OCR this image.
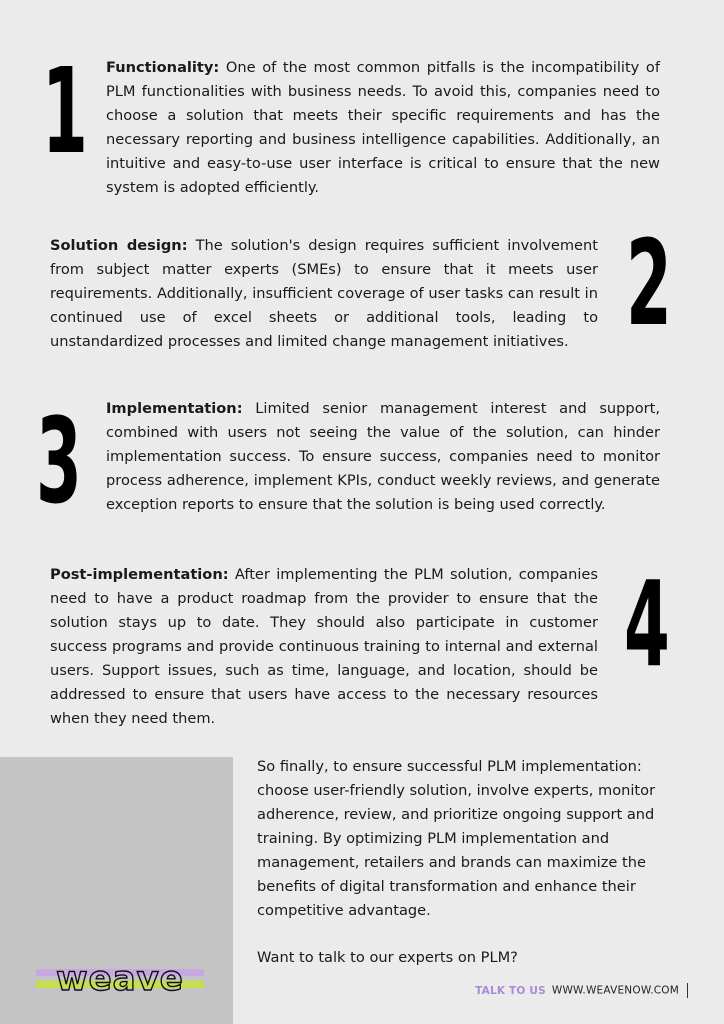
1 Functionality: One of the most common pitfalls is the incompatibility of PLM functionalities with business needs. To avoid this, companies need to choose a solution that meets their specific requirements and has the necessary reporting and business intelligence capabilities. Additionally, an intuitive and easy-to-use user interface is critical to ensure that the new system is adopted efficiently.

Solution design: The solution's design requires sufficient involvement from subject matter experts (SMEs) to ensure that it meets user requirements. Additionally, insufficient coverage of user tasks can result in continued use of excel sheets or additional tools, leading to unstandardized processes and limited change management initiatives. 2
3 Implementation: Limited senior management interest and support, combined with users not seeing the value of the solution, can hinder implementation success. To ensure success, companies need to monitor process adherence, implement KPIs, conduct weekly reviews, and generate exception reports to ensure that the solution is being used correctly.

Post-implementation: After implementing the PLM solution, companies need to have a product roadmap from the provider to ensure that the solution stays up to date. They should also participate in customer success programs and provide continuous training to internal and external users. Support issues, such as time, language, and location, should be addressed to ensure that users have access to the necessary resources when they need them.

4
weave

So finally, to ensure successful PLM implementation: choose user-friendly solution, involve experts, monitor adherence, review, and prioritize ongoing support and training. By optimizing PLM implementation and management, retailers and brands can maximize the benefits of digital transformation and enhance their competitive advantage.

Want to talk to our experts on PLM?
TALK TO US WWW.WEAVENOW.COM
